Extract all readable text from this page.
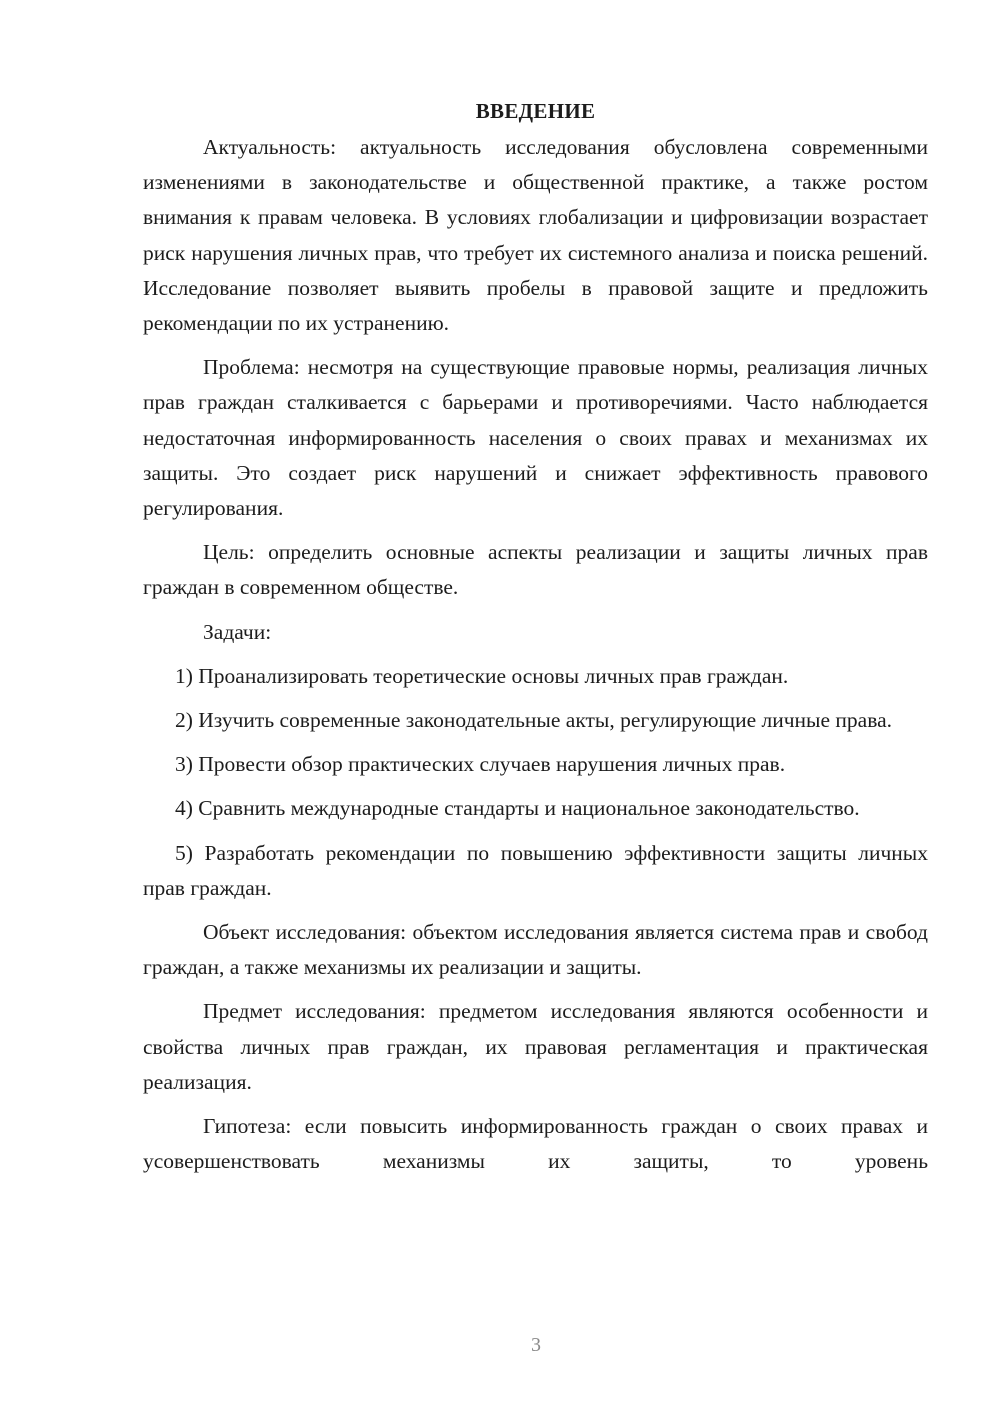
ВВЕДЕНИЕ

Актуальность: актуальность исследования обусловлена современными изменениями в законодательстве и общественной практике, а также ростом внимания к правам человека. В условиях глобализации и цифровизации возрастает риск нарушения личных прав, что требует их системного анализа и поиска решений. Исследование позволяет выявить пробелы в правовой защите и предложить рекомендации по их устранению.

Проблема: несмотря на существующие правовые нормы, реализация личных прав граждан сталкивается с барьерами и противоречиями. Часто наблюдается недостаточная информированность населения о своих правах и механизмах их защиты. Это создает риск нарушений и снижает эффективность правового регулирования.

Цель: определить основные аспекты реализации и защиты личных прав граждан в современном обществе.

Задачи:

1) Проанализировать теоретические основы личных прав граждан.

2) Изучить современные законодательные акты, регулирующие личные права.

3) Провести обзор практических случаев нарушения личных прав.

4) Сравнить международные стандарты и национальное законодательство.

5) Разработать рекомендации по повышению эффективности защиты личных прав граждан.

Объект исследования: объектом исследования является система прав и свобод граждан, а также механизмы их реализации и защиты.

Предмет исследования: предметом исследования являются особенности и свойства личных прав граждан, их правовая регламентация и практическая реализация.

Гипотеза: если повысить информированность граждан о своих правах и усовершенствовать механизмы их защиты, то уровень

3
